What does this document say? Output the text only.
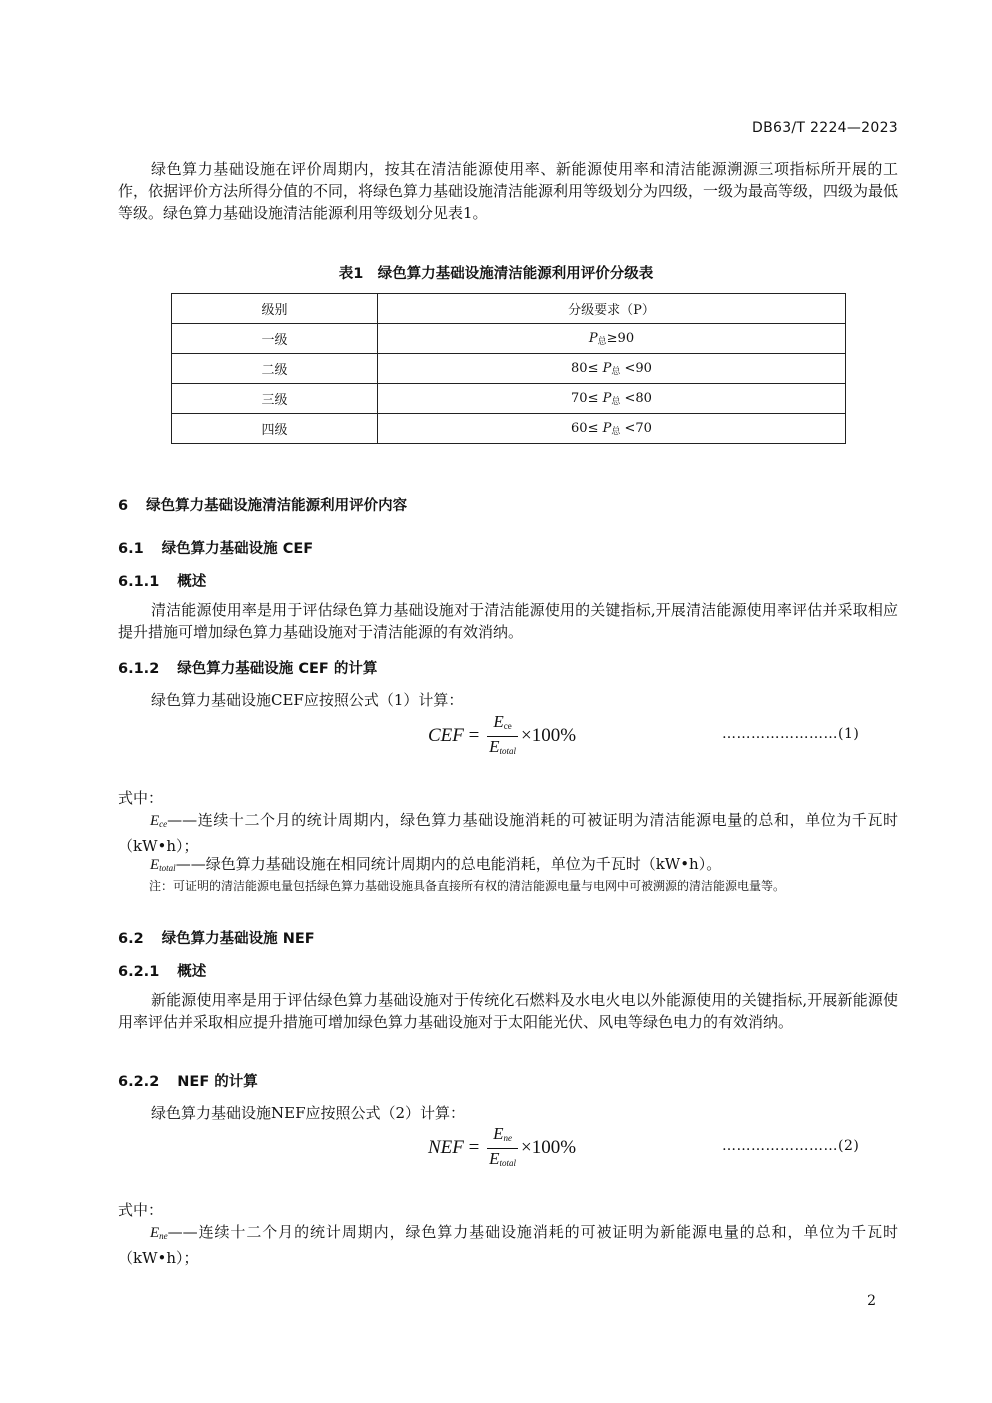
DB63/T 2224—2023
绿色算力基础设施在评价周期内，按其在清洁能源使用率、新能源使用率和清洁能源溯源三项指标所开展的工作，依据评价方法所得分值的不同，将绿色算力基础设施清洁能源利用等级划分为四级，一级为最高等级，四级为最低等级。绿色算力基础设施清洁能源利用等级划分见表1。
表1　绿色算力基础设施清洁能源利用评价分级表
级别	分级要求（P）
一级	$P_总\ge 90$
二级	$80\le P_总 <90$
三级	$70\le P_总 <80$
四级	$60\le P_总 <70$
6 绿色算力基础设施清洁能源利用评价内容
6.1 绿色算力基础设施 CEF
6.1.1 概述
清洁能源使用率是用于评估绿色算力基础设施对于清洁能源使用的关键指标,开展清洁能源使用率评估并采取相应提升措施可增加绿色算力基础设施对于清洁能源的有效消纳。
6.1.2 绿色算力基础设施 CEF 的计算
绿色算力基础设施CEF应按照公式（1）计算：
CEF = $\frac{E_{ce}}{E_{total}} \times 100\%$	……………………(1)
式中：
$E_{ce}——$连续十二个月的统计周期内，绿色算力基础设施消耗的可被证明为清洁能源电量的总和，单位为千瓦时（kW•h）；
$E_{total}——$绿色算力基础设施在相同统计周期内的总电能消耗，单位为千瓦时（kW•h）。
注：可证明的清洁能源电量包括绿色算力基础设施具备直接所有权的清洁能源电量与电网中可被溯源的清洁能源电量等。
6.2 绿色算力基础设施 NEF
6.2.1 概述
新能源使用率是用于评估绿色算力基础设施对于传统化石燃料及水电火电以外能源使用的关键指标,开展新能源使用率评估并采取相应提升措施可增加绿色算力基础设施对于太阳能光伏、风电等绿色电力的有效消纳。
6.2.2 NEF 的计算
绿色算力基础设施NEF应按照公式（2）计算：
NEF = $\frac{E_{ne}}{E_{total}} \times 100\%$	……………………(2)
式中：
$E_{ne}——$连续十二个月的统计周期内，绿色算力基础设施消耗的可被证明为新能源电量的总和，单位为千瓦时（kW•h）；
2
